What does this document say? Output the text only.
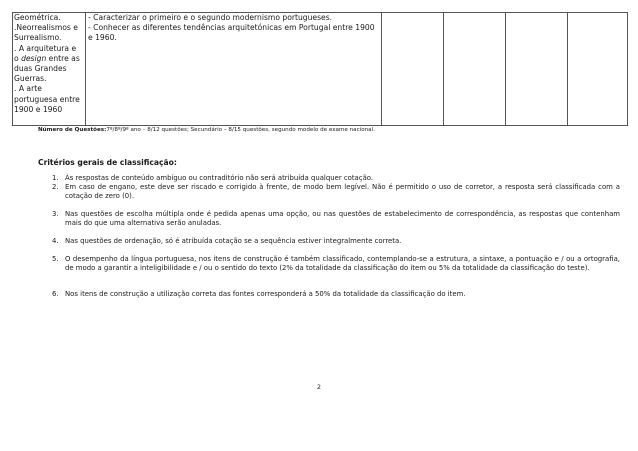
Geométrica.
.Neorrealismos e
Surrealismo.
. A arquitetura e
o design entre as
duas Grandes
Guerras.
. A arte
portuguesa entre
1900 e 1960
- Caracterizar o primeiro e o segundo modernismo portugueses.
- Conhecer as diferentes tendências arquitetónicas em Portugal entre 1900 e 1960.
Número de Questões:7º/8º/9º ano – 8/12 questões; Secundário – 8/15 questões, segundo modelo de exame nacional.
Critérios gerais de classificação:
1. Às respostas de conteúdo ambíguo ou contraditório não será atribuída qualquer cotação.
2. Em caso de engano, este deve ser riscado e corrigido à frente, de modo bem legível. Não é permitido o uso de corretor, a resposta será classificada com a cotação de zero (0).
3. Nas questões de escolha múltipla onde é pedida apenas uma opção, ou nas questões de estabelecimento de correspondência, as respostas que contenham mais do que uma alternativa serão anuladas.
4. Nas questões de ordenação, só é atribuída cotação se a sequência estiver integralmente correta.
5. O desempenho da língua portuguesa, nos itens de construção é também classificado, contemplando-se a estrutura, a sintaxe, a pontuação e / ou a ortografia, de modo a garantir a inteligibilidade e / ou o sentido do texto (2% da totalidade da classificação do item ou 5% da totalidade da classificação do teste).
6. Nos itens de construção a utilização correta das fontes corresponderá a 50% da totalidade da classificação do item.
2
